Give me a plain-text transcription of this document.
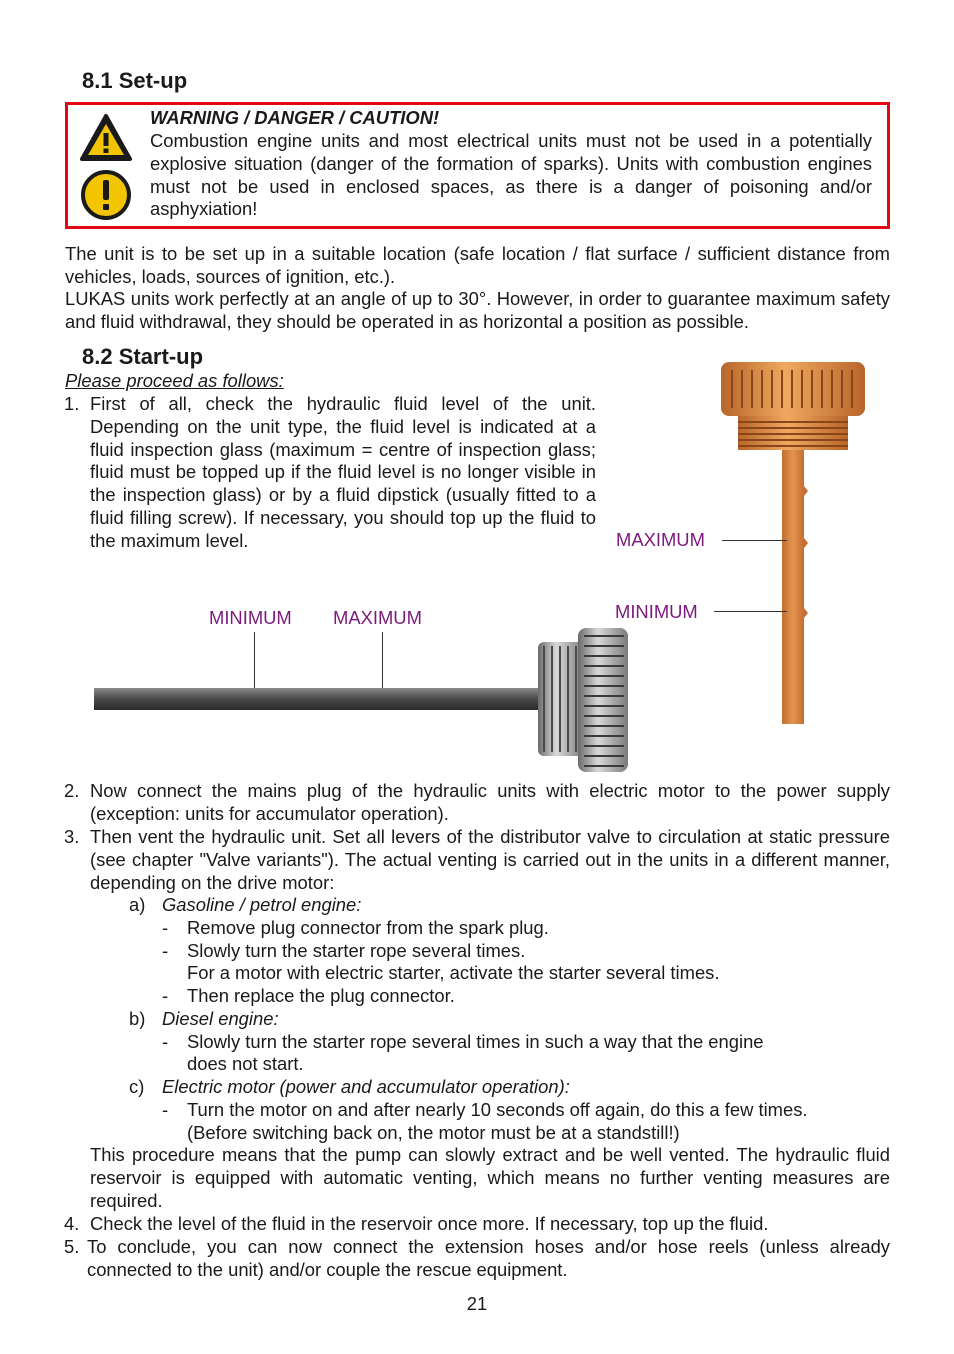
8.1 Set-up
WARNING / DANGER / CAUTION!
Combustion engine units and most electrical units must not be used in a potentially explosive situation (danger of the formation of sparks). Units with combustion engines must not be used in enclosed spaces, as there is a danger of poisoning and/or asphyxiation!
The unit is to be set up in a suitable location (safe location / flat surface / sufficient distance from vehicles, loads, sources of ignition, etc.).
LUKAS units work perfectly at an angle of up to 30°. However, in order to guarantee maximum safety and fluid withdrawal, they should be operated in as horizontal a position as possible.
8.2 Start-up
Please proceed as follows:
1. First of all, check the hydraulic fluid level of the unit. Depending on the unit type, the fluid level is indicated at a fluid inspection glass (maximum = centre of inspection glass; fluid must be topped up if the fluid level is no longer visible in the inspection glass) or by a fluid dipstick (usually fitted to a fluid filling screw). If necessary, you should top up the fluid to the maximum level.	MAXIMUM
MINIMUM
MINIMUM MAXIMUM
2. Now connect the mains plug of the hydraulic units with electric motor to the power supply (exception: units for accumulator operation).
3. Then vent the hydraulic unit. Set all levers of the distributor valve to circulation at static pressure (see chapter "Valve variants"). The actual venting is carried out in the units in a different manner, depending on the drive motor:
a) Gasoline / petrol engine:
- Remove plug connector from the spark plug.
- Slowly turn the starter rope several times.
For a motor with electric starter, activate the starter several times.
- Then replace the plug connector.
b) Diesel engine:
- Slowly turn the starter rope several times in such a way that the engine
does not start.
c) Electric motor (power and accumulator operation):
- Turn the motor on and after nearly 10 seconds off again, do this a few times.
(Before switching back on, the motor must be at a standstill!)
This procedure means that the pump can slowly extract and be well vented. The hydraulic fluid reservoir is equipped with automatic venting, which means no further venting measures are required.
4. Check the level of the fluid in the reservoir once more. If necessary, top up the fluid.
5. To conclude, you can now connect the extension hoses and/or hose reels (unless already connected to the unit) and/or couple the rescue equipment.
21
